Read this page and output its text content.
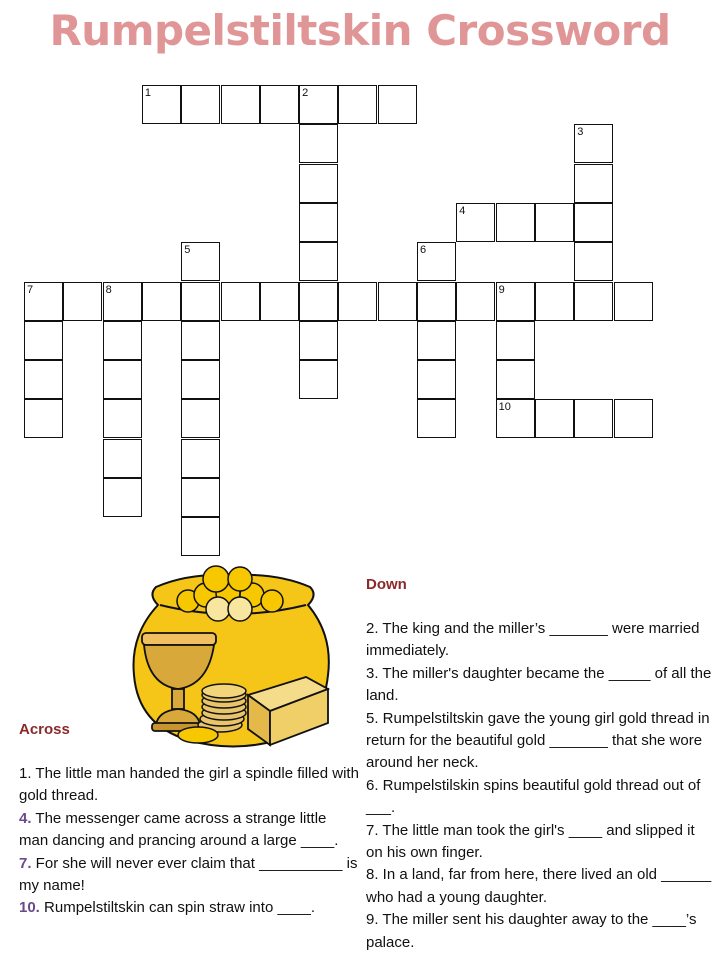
Rumpelstiltskin Crossword
1	2
3
4
5	6
7	8	9
10
Across

1. The little man handed the girl a spindle filled with gold thread.

4. The messenger came across a strange little man dancing and prancing around a large ____.

7. For she will never ever claim that __________ is my name!

10. Rumpelstiltskin can spin straw into ____.

Down

2. The king and the miller’s _______ were married immediately.

3. The miller's daughter became the _____ of all the land.

5. Rumpelstiltskin gave the young girl gold thread in return for the beautiful gold _______ that she wore around her neck.

6. Rumpelstilskin spins beautiful gold thread out of ___.

7. The little man took the girl's ____ and slipped it on his own finger.

8. In a land, far from here, there lived an old ______ who had a young daughter.

9. The miller sent his daughter away to the ____’s palace.
